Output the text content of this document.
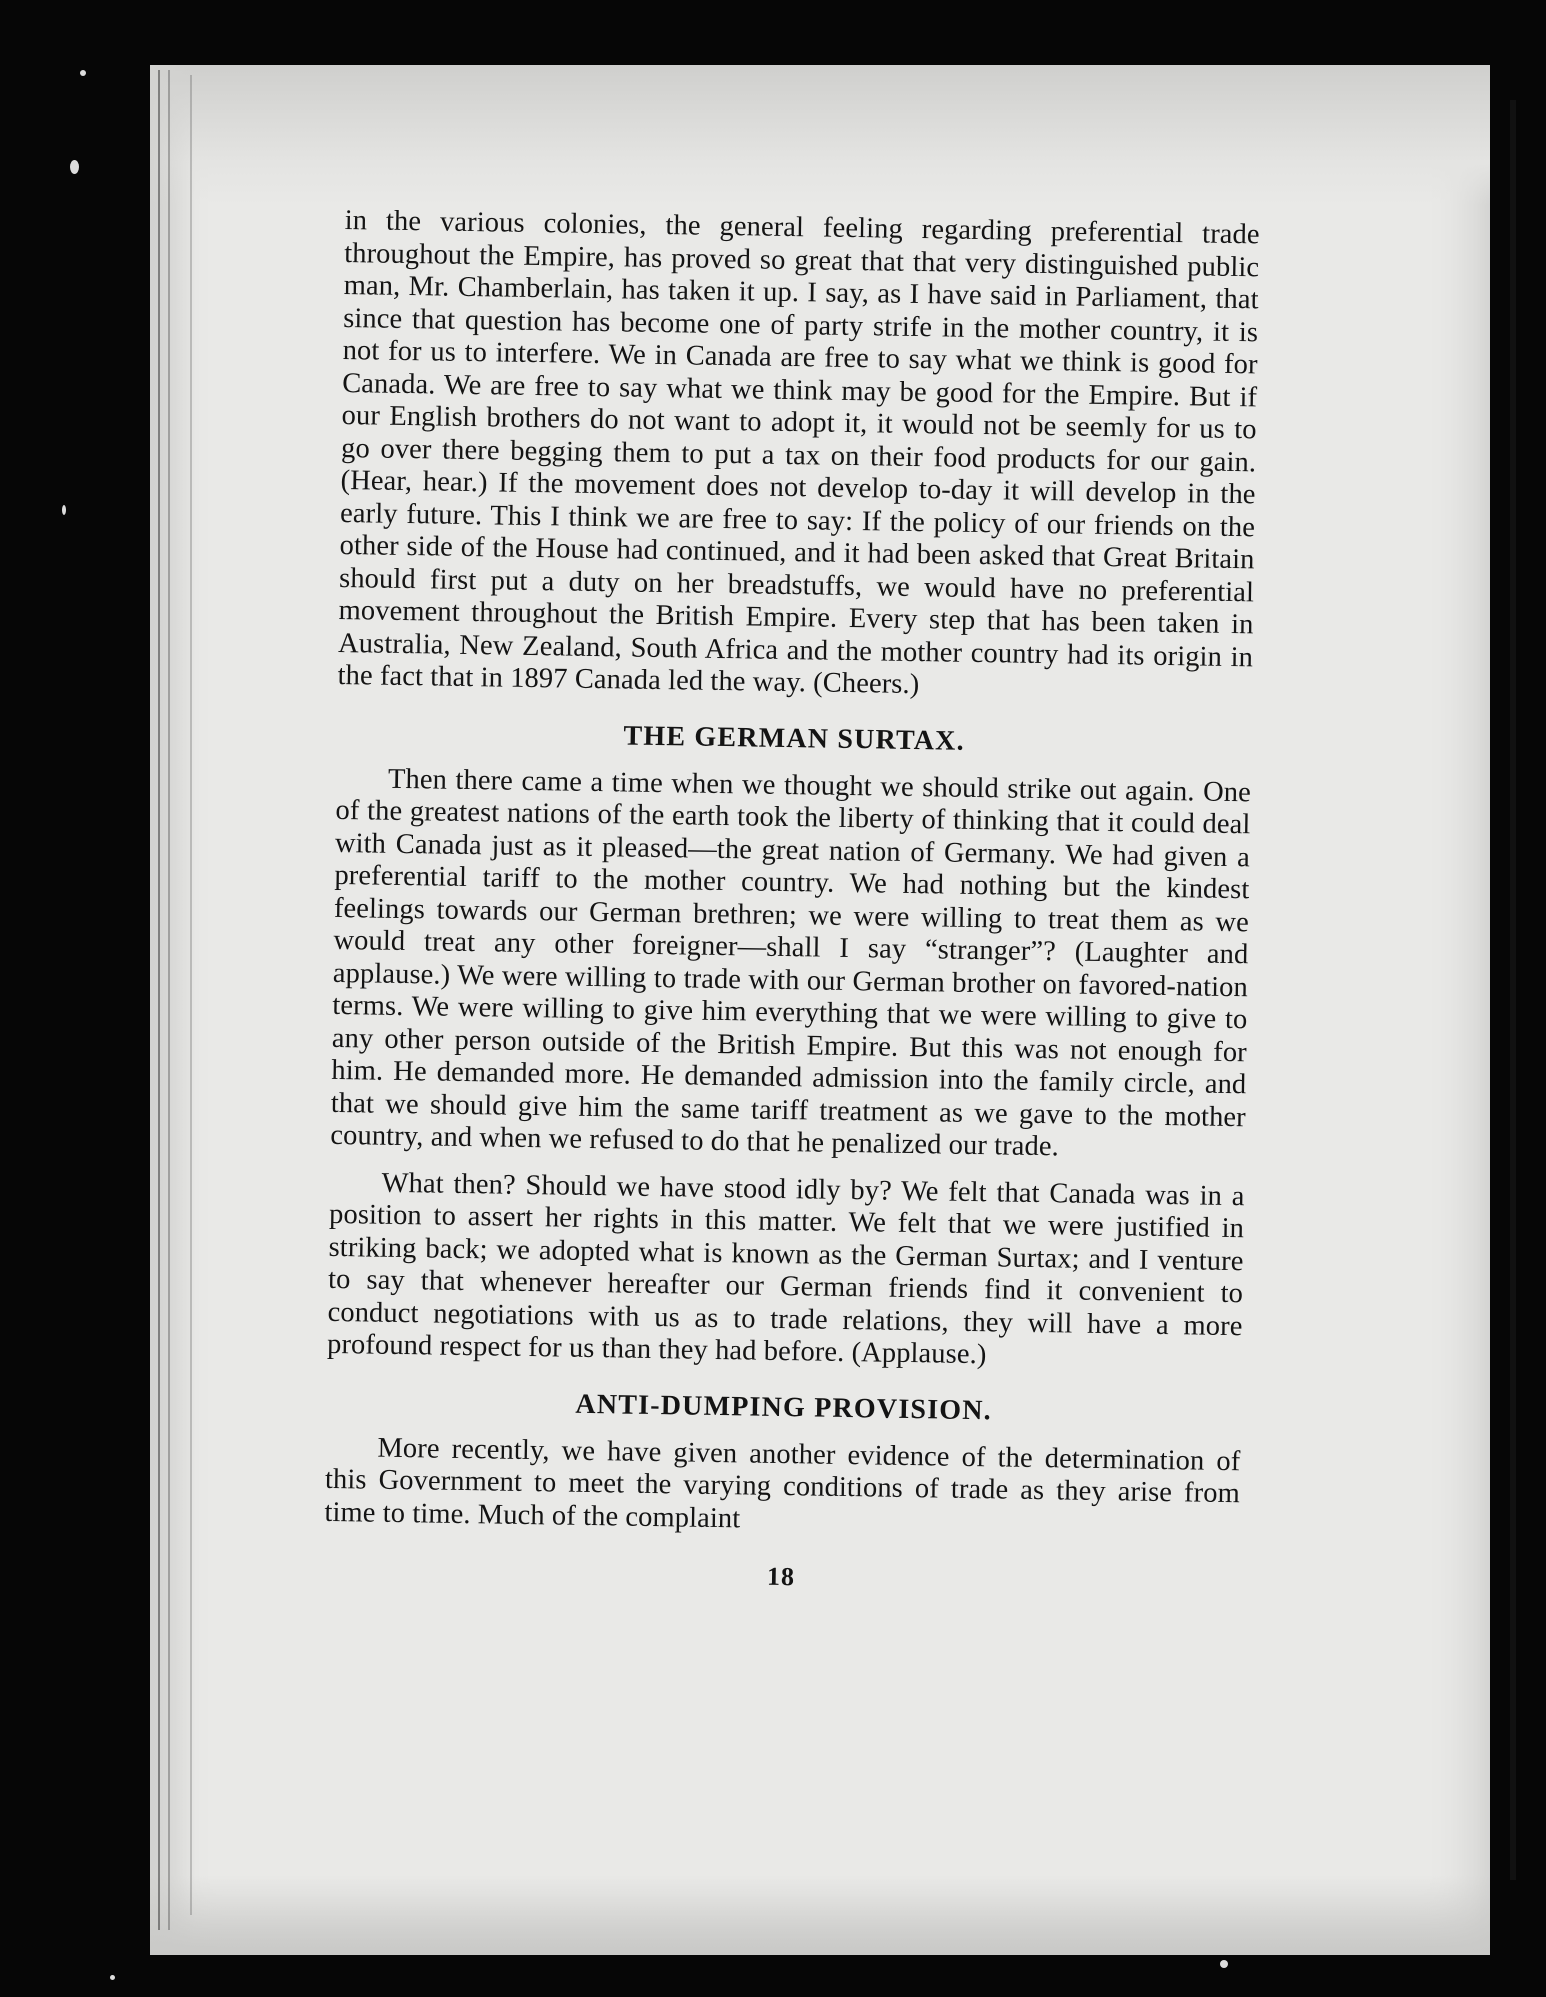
in the various colonies, the general feeling regarding preferential trade throughout the Empire, has proved so great that that very distinguished public man, Mr. Chamberlain, has taken it up. I say, as I have said in Parliament, that since that question has become one of party strife in the mother country, it is not for us to interfere. We in Canada are free to say what we think is good for Canada. We are free to say what we think may be good for the Empire. But if our English brothers do not want to adopt it, it would not be seemly for us to go over there begging them to put a tax on their food products for our gain. (Hear, hear.) If the movement does not develop to-day it will develop in the early future. This I think we are free to say: If the policy of our friends on the other side of the House had continued, and it had been asked that Great Britain should first put a duty on her breadstuffs, we would have no preferential movement throughout the British Empire. Every step that has been taken in Australia, New Zealand, South Africa and the mother country had its origin in the fact that in 1897 Canada led the way. (Cheers.)

THE GERMAN SURTAX.

Then there came a time when we thought we should strike out again. One of the greatest nations of the earth took the liberty of thinking that it could deal with Canada just as it pleased—the great nation of Germany. We had given a preferential tariff to the mother country. We had nothing but the kindest feelings towards our German brethren; we were willing to treat them as we would treat any other foreigner—shall I say “stranger”? (Laughter and applause.) We were willing to trade with our German brother on favored-nation terms. We were willing to give him everything that we were willing to give to any other person outside of the British Empire. But this was not enough for him. He demanded more. He demanded admission into the family circle, and that we should give him the same tariff treatment as we gave to the mother country, and when we refused to do that he penalized our trade.

What then? Should we have stood idly by? We felt that Canada was in a position to assert her rights in this matter. We felt that we were justified in striking back; we adopted what is known as the German Surtax; and I venture to say that whenever hereafter our German friends find it convenient to conduct negotiations with us as to trade relations, they will have a more profound respect for us than they had before. (Applause.)

ANTI-DUMPING PROVISION.

More recently, we have given another evidence of the determination of this Government to meet the varying conditions of trade as they arise from time to time. Much of the complaint

18
